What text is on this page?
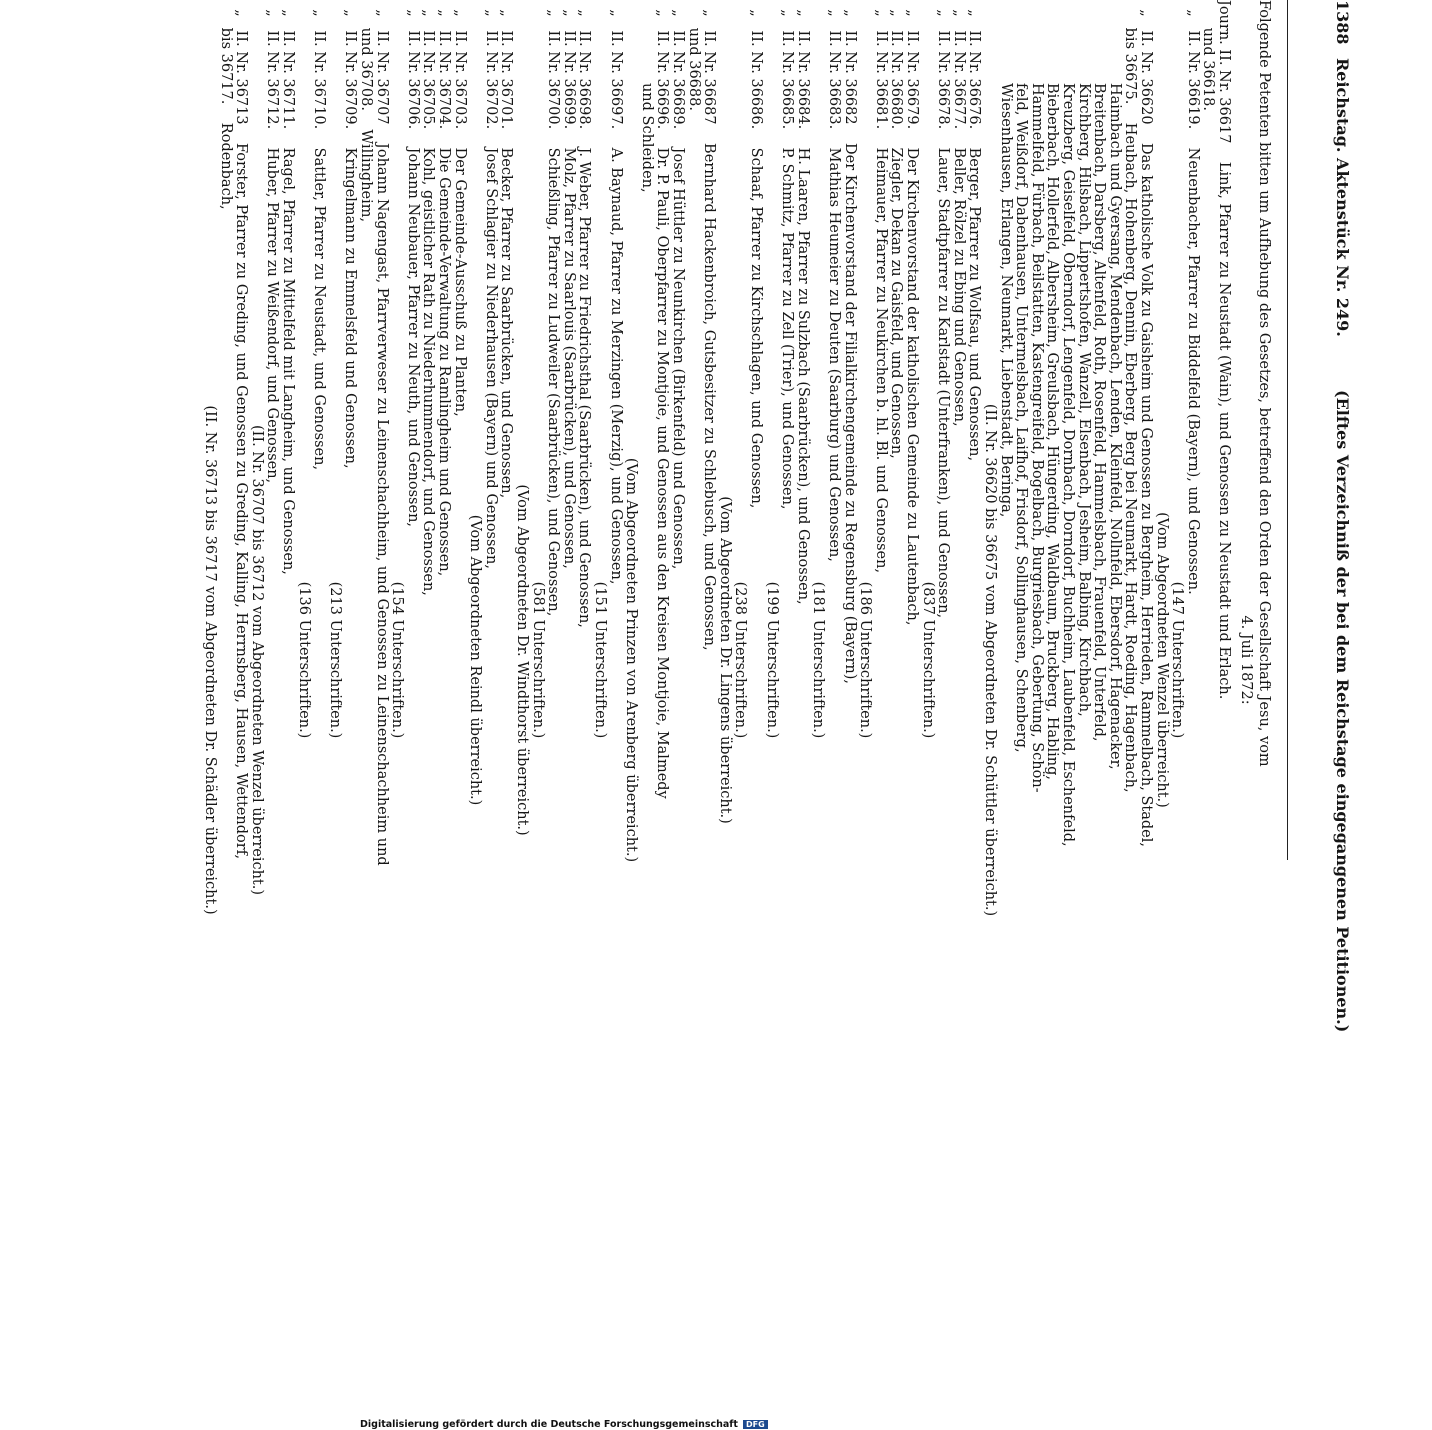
1388
Reichstag. Aktenstück Nr. 249.
(Elftes Verzeichniß der bei dem Reichstage eingegangenen Petitionen.)
Folgende Petenten bitten um Aufhebung des Gesetzes, betreffend den Orden der Gesellschaft Jesu, vom
4. Juli 1872:
Journ. II. Nr. 36617    Link, Pfarrer zu Neustadt (Wain), und Genossen zu Neustadt und Erlach.
und 36618.
„   II. Nr. 36619.    Neuenbacher, Pfarrer zu Biddelfeld (Bayern), und Genossen.
(147 Unterschriften.)
(Vom Abgeordneten Wenzel überreicht.)
„   II. Nr. 36620    Das katholische Volk zu Gaisheim und Genossen zu Bergheim, Herrieden, Rammelbach, Stadel,
bis 36675.    Heubach, Hohenberg, Dennin, Eberberg, Berg bei Neumarkt, Hardt, Roeding, Hagenbach,
Haimbach und Gyersang, Mendenbach, Lenden, Kleinfeld, Nollnfeld, Ebersdorf, Hagenacker,
Breitenbach, Darsberg, Altenfeld, Roth, Rosenfeld, Hammelsbach, Frauenfeld, Unterfeld,
Kirchberg, Hilsbach, Lippertshofen, Wanzell, Elsenbach, Jesheim, Balbing, Kirchbach,
Kreuzberg, Geiselfeld, Oberndorf, Lengenfeld, Dornbach, Dorndorf, Buchheim, Laubenfeld, Eschenfeld,
Bieberbach, Hollerfeld, Albersheim, Greulsbach, Hüngerding, Waldbaum, Bruckberg, Habling,
Hammelfeld, Fürbach, Beilstatten, Kastengreifeld, Bogelbach, Burgriesbach, Gebertung, Schön-
feld, Weißdorf, Dabenhausen, Untermelsbach, Laifhof, Frisdorf, Sollinghausen, Schenberg,
Wiesenhausen, Erlangen, Neumarkt, Liebenstadt, Beringa,
(II. Nr. 36620 bis 36675 vom Abgeordneten Dr. Schüttler überreicht.)
„   II. Nr. 36676.    Berger, Pfarrer zu Wolfsau, und Genossen,
„   II. Nr. 36677.    Beller, Rölzel zu Ebing und Genossen,
„   II. Nr. 36678.    Lauer, Stadtpfarrer zu Karlstadt (Unterfranken), und Genossen,
(837 Unterschriften.)
„   II. Nr. 36679.    Der Kirchenvorstand der katholischen Gemeinde zu Lautenbach,
„   II. Nr. 36680.    Ziegler, Dekan zu Gaisfeld, und Genossen,
„   II. Nr. 36681.    Heimauer, Pfarrer zu Neukirchen b. hl. Bl. und Genossen,
(186 Unterschriften.)
„   II. Nr. 36682    Der Kirchenvorstand der Filialkirchengemeinde zu Regensburg (Bayern),
„   II. Nr. 36683.    Mathias Heumeier zu Deuten (Saarburg) und Genossen,
(181 Unterschriften.)
„   II. Nr. 36684.    H. Laaren, Pfarrer zu Sulzbach (Saarbrücken), und Genossen,
„   II. Nr. 36685.    P. Schmitz, Pfarrer zu Zell (Trier), und Genossen,
(199 Unterschriften.)
„   II. Nr. 36686.    Schaaf, Pfarrer zu Kirchschlagen, und Genossen,
(238 Unterschriften.)
(Vom Abgeordneten Dr. Lingens überreicht.)
„   II. Nr. 36687    Bernhard Hackenbroich, Gutsbesitzer zu Schlebusch, und Genossen,
und 36688.
„   II. Nr. 36689.    Josef Hüttler zu Neunkirchen (Birkenfeld) und Genossen,
„   II. Nr. 36696.    Dr. P. Pauli, Oberpfarrer zu Montjoie, und Genossen aus den Kreisen Montjoie, Malmedy
und Schleiden,
(Vom Abgeordneten Prinzen von Arenberg überreicht.)
„   II. Nr. 36697.    A. Baynaud, Pfarrer zu Merzingen (Merzig), und Genossen,
(151 Unterschriften.)
„   II. Nr. 36698.    J. Weber, Pfarrer zu Friedrichsthal (Saarbrücken), und Genossen,
„   II. Nr. 36699.    Molz, Pfarrer zu Saarlouis (Saarbrücken), und Genossen,
„   II. Nr. 36700.    Schießling, Pfarrer zu Ludweiler (Saarbrücken), und Genossen,
(581 Unterschriften.)
(Vom Abgeordneten Dr. Windthorst überreicht.)
„   II. Nr. 36701.    Becker, Pfarrer zu Saarbrücken, und Genossen,
„   II. Nr. 36702.    Josef Schlagier zu Niederhausen (Bayern) und Genossen,
(Vom Abgeordneten Reindl überreicht.)
„   II. Nr. 36703.    Der Gemeinde-Ausschuß zu Planten,
„   II. Nr. 36704.    Die Gemeinde-Verwaltung zu Ramlingheim und Genossen,
„   II. Nr. 36705.    Kohl, geistlicher Rath zu Niederhummendorf, und Genossen,
„   II. Nr. 36706.    Johann Neubauer, Pfarrer zu Neuth, und Genossen,
(154 Unterschriften.)
„   II. Nr. 36707    Johann Nagengast, Pfarrverweser zu Leinenschachheim, und Genossen zu Leinenschachheim und
und 36708.    Willingheim,
„   II. Nr. 36709.    Kringelmann zu Emmelsfeld und Genossen,
(213 Unterschriften.)
„   II. Nr. 36710.    Sattler, Pfarrer zu Neustadt, und Genossen,
(136 Unterschriften.)
„   II. Nr. 36711.    Ragel, Pfarrer zu Mittelfeld mit Langheim, und Genossen,
„   II. Nr. 36712.    Huber, Pfarrer zu Weißendorf, und Genossen,
(II. Nr. 36707 bis 36712 vom Abgeordneten Wenzel überreicht.)
„   II. Nr. 36713    Forster, Pfarrer zu Greding, und Genossen zu Greding, Kalling, Herrnsberg, Hausen, Wettendorf,
bis 36717.    Rodenbach,
(II. Nr. 36713 bis 36717 vom Abgeordneten Dr. Schädler überreicht.)
Digitalisierung gefördert durch die Deutsche Forschungsgemeinschaft DFG
